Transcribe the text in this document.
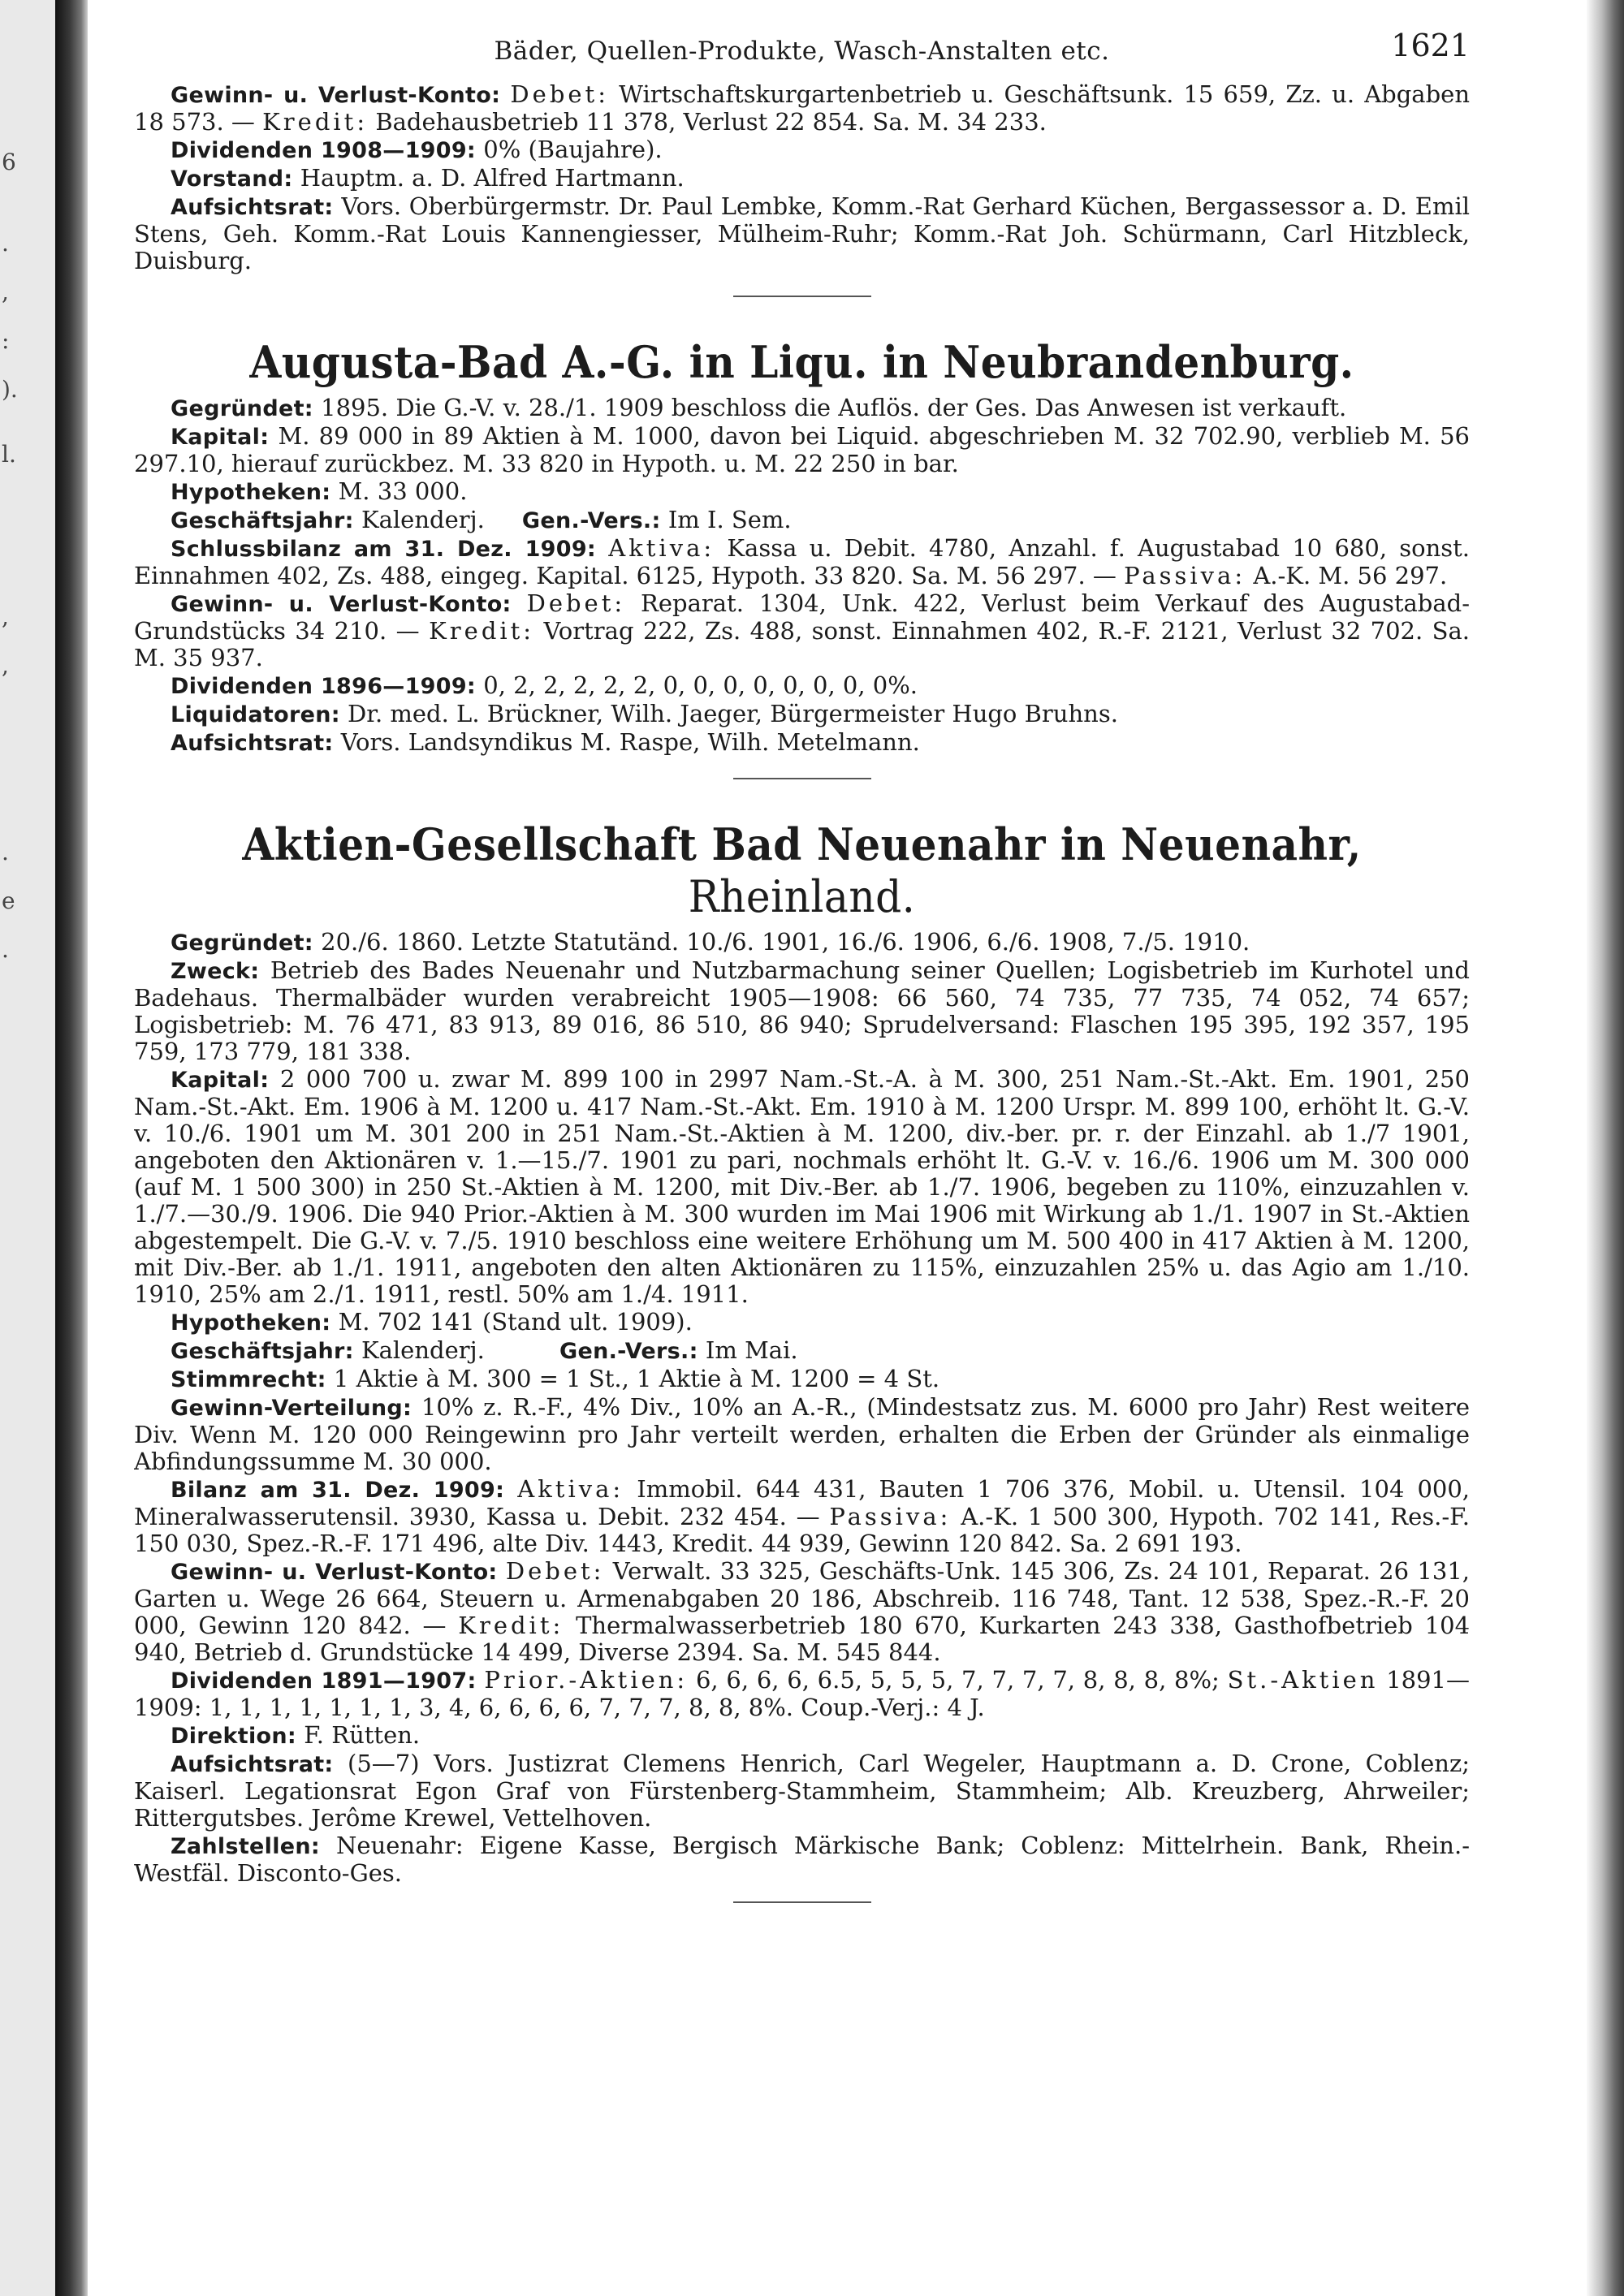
6
.
,
:
).
l.
,
,
.
e
.
Bäder, Quellen-Produkte, Wasch-Anstalten etc.	1621

Gewinn- u. Verlust-Konto: Debet: Wirtschaftskurgartenbetrieb u. Geschäftsunk. 15 659, Zz. u. Abgaben 18 573. — Kredit: Badehausbetrieb 11 378, Verlust 22 854. Sa. M. 34 233.

Dividenden 1908—1909: 0% (Baujahre).

Vorstand: Hauptm. a. D. Alfred Hartmann.

Aufsichtsrat: Vors. Oberbürgermstr. Dr. Paul Lembke, Komm.-Rat Gerhard Küchen, Bergassessor a. D. Emil Stens, Geh. Komm.-Rat Louis Kannengiesser, Mülheim-Ruhr; Komm.-Rat Joh. Schürmann, Carl Hitzbleck, Duisburg.

Augusta-Bad A.-G. in Liqu. in Neubrandenburg.

Gegründet: 1895. Die G.-V. v. 28./1. 1909 beschloss die Auflös. der Ges. Das Anwesen ist verkauft.

Kapital: M. 89 000 in 89 Aktien à M. 1000, davon bei Liquid. abgeschrieben M. 32 702.90, verblieb M. 56 297.10, hierauf zurückbez. M. 33 820 in Hypoth. u. M. 22 250 in bar.

Hypotheken: M. 33 000.

Geschäftsjahr: Kalenderj. Gen.-Vers.: Im I. Sem.

Schlussbilanz am 31. Dez. 1909: Aktiva: Kassa u. Debit. 4780, Anzahl. f. Augustabad 10 680, sonst. Einnahmen 402, Zs. 488, eingeg. Kapital. 6125, Hypoth. 33 820. Sa. M. 56 297. — Passiva: A.-K. M. 56 297.

Gewinn- u. Verlust-Konto: Debet: Reparat. 1304, Unk. 422, Verlust beim Verkauf des Augustabad-Grundstücks 34 210. — Kredit: Vortrag 222, Zs. 488, sonst. Einnahmen 402, R.-F. 2121, Verlust 32 702. Sa. M. 35 937.

Dividenden 1896—1909: 0, 2, 2, 2, 2, 2, 0, 0, 0, 0, 0, 0, 0, 0%.

Liquidatoren: Dr. med. L. Brückner, Wilh. Jaeger, Bürgermeister Hugo Bruhns.

Aufsichtsrat: Vors. Landsyndikus M. Raspe, Wilh. Metelmann.

Aktien-Gesellschaft Bad Neuenahr in Neuenahr, Rheinland.

Gegründet: 20./6. 1860. Letzte Statutänd. 10./6. 1901, 16./6. 1906, 6./6. 1908, 7./5. 1910.

Zweck: Betrieb des Bades Neuenahr und Nutzbarmachung seiner Quellen; Logisbetrieb im Kurhotel und Badehaus. Thermalbäder wurden verabreicht 1905—1908: 66 560, 74 735, 77 735, 74 052, 74 657; Logisbetrieb: M. 76 471, 83 913, 89 016, 86 510, 86 940; Sprudelversand: Flaschen 195 395, 192 357, 195 759, 173 779, 181 338.

Kapital: 2 000 700 u. zwar M. 899 100 in 2997 Nam.-St.-A. à M. 300, 251 Nam.-St.-Akt. Em. 1901, 250 Nam.-St.-Akt. Em. 1906 à M. 1200 u. 417 Nam.-St.-Akt. Em. 1910 à M. 1200 Urspr. M. 899 100, erhöht lt. G.-V. v. 10./6. 1901 um M. 301 200 in 251 Nam.-St.-Aktien à M. 1200, div.-ber. pr. r. der Einzahl. ab 1./7 1901, angeboten den Aktionären v. 1.—15./7. 1901 zu pari, nochmals erhöht lt. G.-V. v. 16./6. 1906 um M. 300 000 (auf M. 1 500 300) in 250 St.-Aktien à M. 1200, mit Div.-Ber. ab 1./7. 1906, begeben zu 110%, einzuzahlen v. 1./7.—30./9. 1906. Die 940 Prior.-Aktien à M. 300 wurden im Mai 1906 mit Wirkung ab 1./1. 1907 in St.-Aktien abgestempelt. Die G.-V. v. 7./5. 1910 beschloss eine weitere Erhöhung um M. 500 400 in 417 Aktien à M. 1200, mit Div.-Ber. ab 1./1. 1911, angeboten den alten Aktionären zu 115%, einzuzahlen 25% u. das Agio am 1./10. 1910, 25% am 2./1. 1911, restl. 50% am 1./4. 1911.

Hypotheken: M. 702 141 (Stand ult. 1909).

Geschäftsjahr: Kalenderj.	Gen.-Vers.: Im Mai.

Stimmrecht: 1 Aktie à M. 300 = 1 St., 1 Aktie à M. 1200 = 4 St.

Gewinn-Verteilung: 10% z. R.-F., 4% Div., 10% an A.-R., (Mindestsatz zus. M. 6000 pro Jahr) Rest weitere Div. Wenn M. 120 000 Reingewinn pro Jahr verteilt werden, erhalten die Erben der Gründer als einmalige Abfindungssumme M. 30 000.

Bilanz am 31. Dez. 1909: Aktiva: Immobil. 644 431, Bauten 1 706 376, Mobil. u. Utensil. 104 000, Mineralwasserutensil. 3930, Kassa u. Debit. 232 454. — Passiva: A.-K. 1 500 300, Hypoth. 702 141, Res.-F. 150 030, Spez.-R.-F. 171 496, alte Div. 1443, Kredit. 44 939, Gewinn 120 842. Sa. 2 691 193.

Gewinn- u. Verlust-Konto: Debet: Verwalt. 33 325, Geschäfts-Unk. 145 306, Zs. 24 101, Reparat. 26 131, Garten u. Wege 26 664, Steuern u. Armenabgaben 20 186, Abschreib. 116 748, Tant. 12 538, Spez.-R.-F. 20 000, Gewinn 120 842. — Kredit: Thermalwasserbetrieb 180 670, Kurkarten 243 338, Gasthofbetrieb 104 940, Betrieb d. Grundstücke 14 499, Diverse 2394. Sa. M. 545 844.

Dividenden 1891—1907: Prior.-Aktien: 6, 6, 6, 6, 6.5, 5, 5, 5, 7, 7, 7, 7, 8, 8, 8, 8%; St.-Aktien 1891—1909: 1, 1, 1, 1, 1, 1, 1, 3, 4, 6, 6, 6, 6, 7, 7, 7, 8, 8, 8%. Coup.-Verj.: 4 J.

Direktion: F. Rütten.

Aufsichtsrat: (5—7) Vors. Justizrat Clemens Henrich, Carl Wegeler, Hauptmann a. D. Crone, Coblenz; Kaiserl. Legationsrat Egon Graf von Fürstenberg-Stammheim, Stammheim; Alb. Kreuzberg, Ahrweiler; Rittergutsbes. Jerôme Krewel, Vettelhoven.

Zahlstellen: Neuenahr: Eigene Kasse, Bergisch Märkische Bank; Coblenz: Mittelrhein. Bank, Rhein.-Westfäl. Disconto-Ges.
